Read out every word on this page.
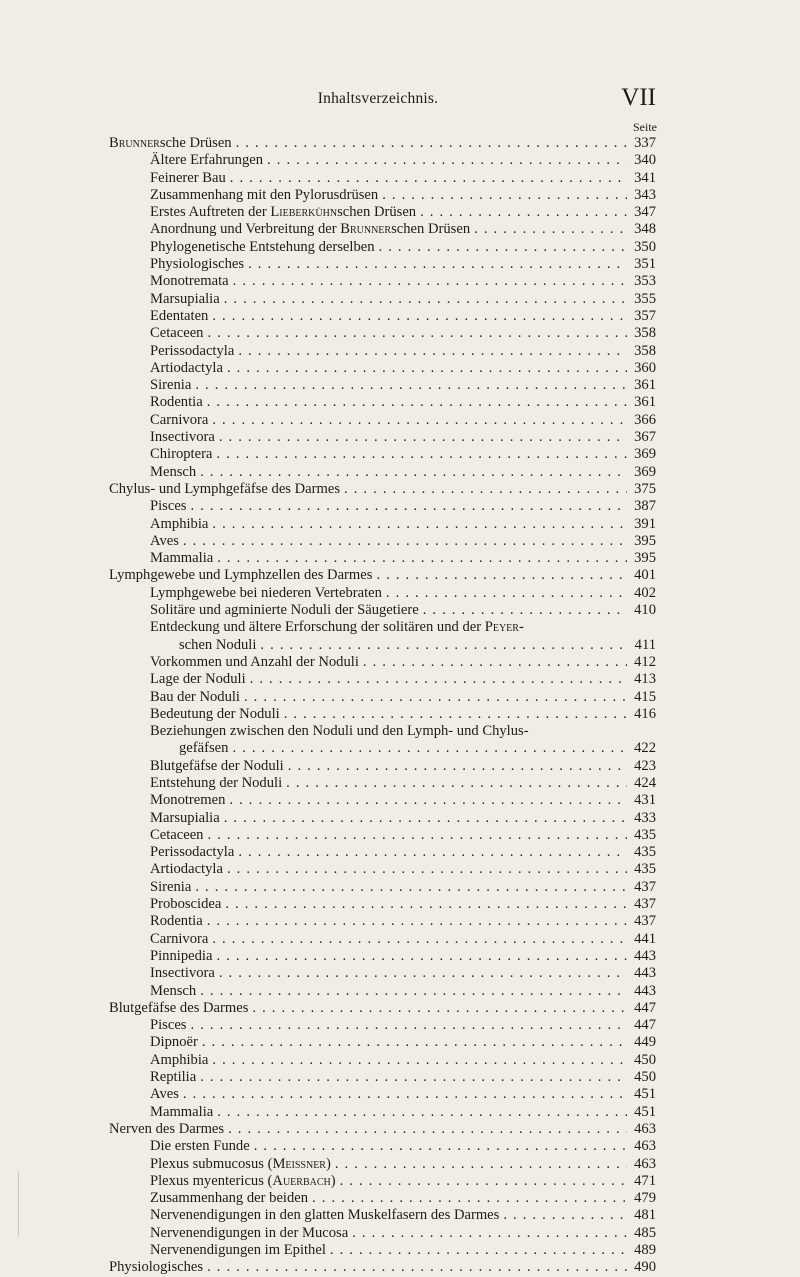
Inhaltsverzeichnis.	VII
Seite
Brunnersche Drüsen . . .	337
Ältere Erfahrungen . . .	340
Feinerer Bau . . .	341
Zusammenhang mit den Pylorusdrüsen . . .	343
Erstes Auftreten der Lieberkühnschen Drüsen . . .	347
Anordnung und Verbreitung der Brunnerschen Drüsen . . .	348
Phylogenetische Entstehung derselben . . .	350
Physiologisches . . .	351
Monotremata . . .	353
Marsupialia . . .	355
Edentaten . . .	357
Cetaceen . . .	358
Perissodactyla . . .	358
Artiodactyla . . .	360
Sirenia . . .	361
Rodentia . . .	361
Carnivora . . .	366
Insectivora . . .	367
Chiroptera . . .	369
Mensch . . .	369
Chylus- und Lymphgefäfse des Darmes . . .	375
Pisces . . .	387
Amphibia . . .	391
Aves . . .	395
Mammalia . . .	395
Lymphgewebe und Lymphzellen des Darmes . . .	401
Lymphgewebe bei niederen Vertebraten . . .	402
Solitäre und agminierte Noduli der Säugetiere . . .	410
Entdeckung und ältere Erforschung der solitären und der Peyer-
schen Noduli . . .	411
Vorkommen und Anzahl der Noduli . . .	412
Lage der Noduli . . .	413
Bau der Noduli . . .	415
Bedeutung der Noduli . . .	416
Beziehungen zwischen den Noduli und den Lymph- und Chylus-
gefäfsen . . .	422
Blutgefäfse der Noduli . . .	423
Entstehung der Noduli . . .	424
Monotremen . . .	431
Marsupialia . . .	433
Cetaceen . . .	435
Perissodactyla . . .	435
Artiodactyla . . .	435
Sirenia . . .	437
Proboscidea . . .	437
Rodentia . . .	437
Carnivora . . .	441
Pinnipedia . . .	443
Insectivora . . .	443
Mensch . . .	443
Blutgefäfse des Darmes . . .	447
Pisces . . .	447
Dipnoër . . .	449
Amphibia . . .	450
Reptilia . . .	450
Aves . . .	451
Mammalia . . .	451
Nerven des Darmes . . .	463
Die ersten Funde . . .	463
Plexus submucosus (Meissner) . . .	463
Plexus myentericus (Auerbach) . . .	471
Zusammenhang der beiden . . .	479
Nervenendigungen in den glatten Muskelfasern des Darmes . . .	481
Nervenendigungen in der Mucosa . . .	485
Nervenendigungen im Epithel . . .	489
Physiologisches . . .	490
